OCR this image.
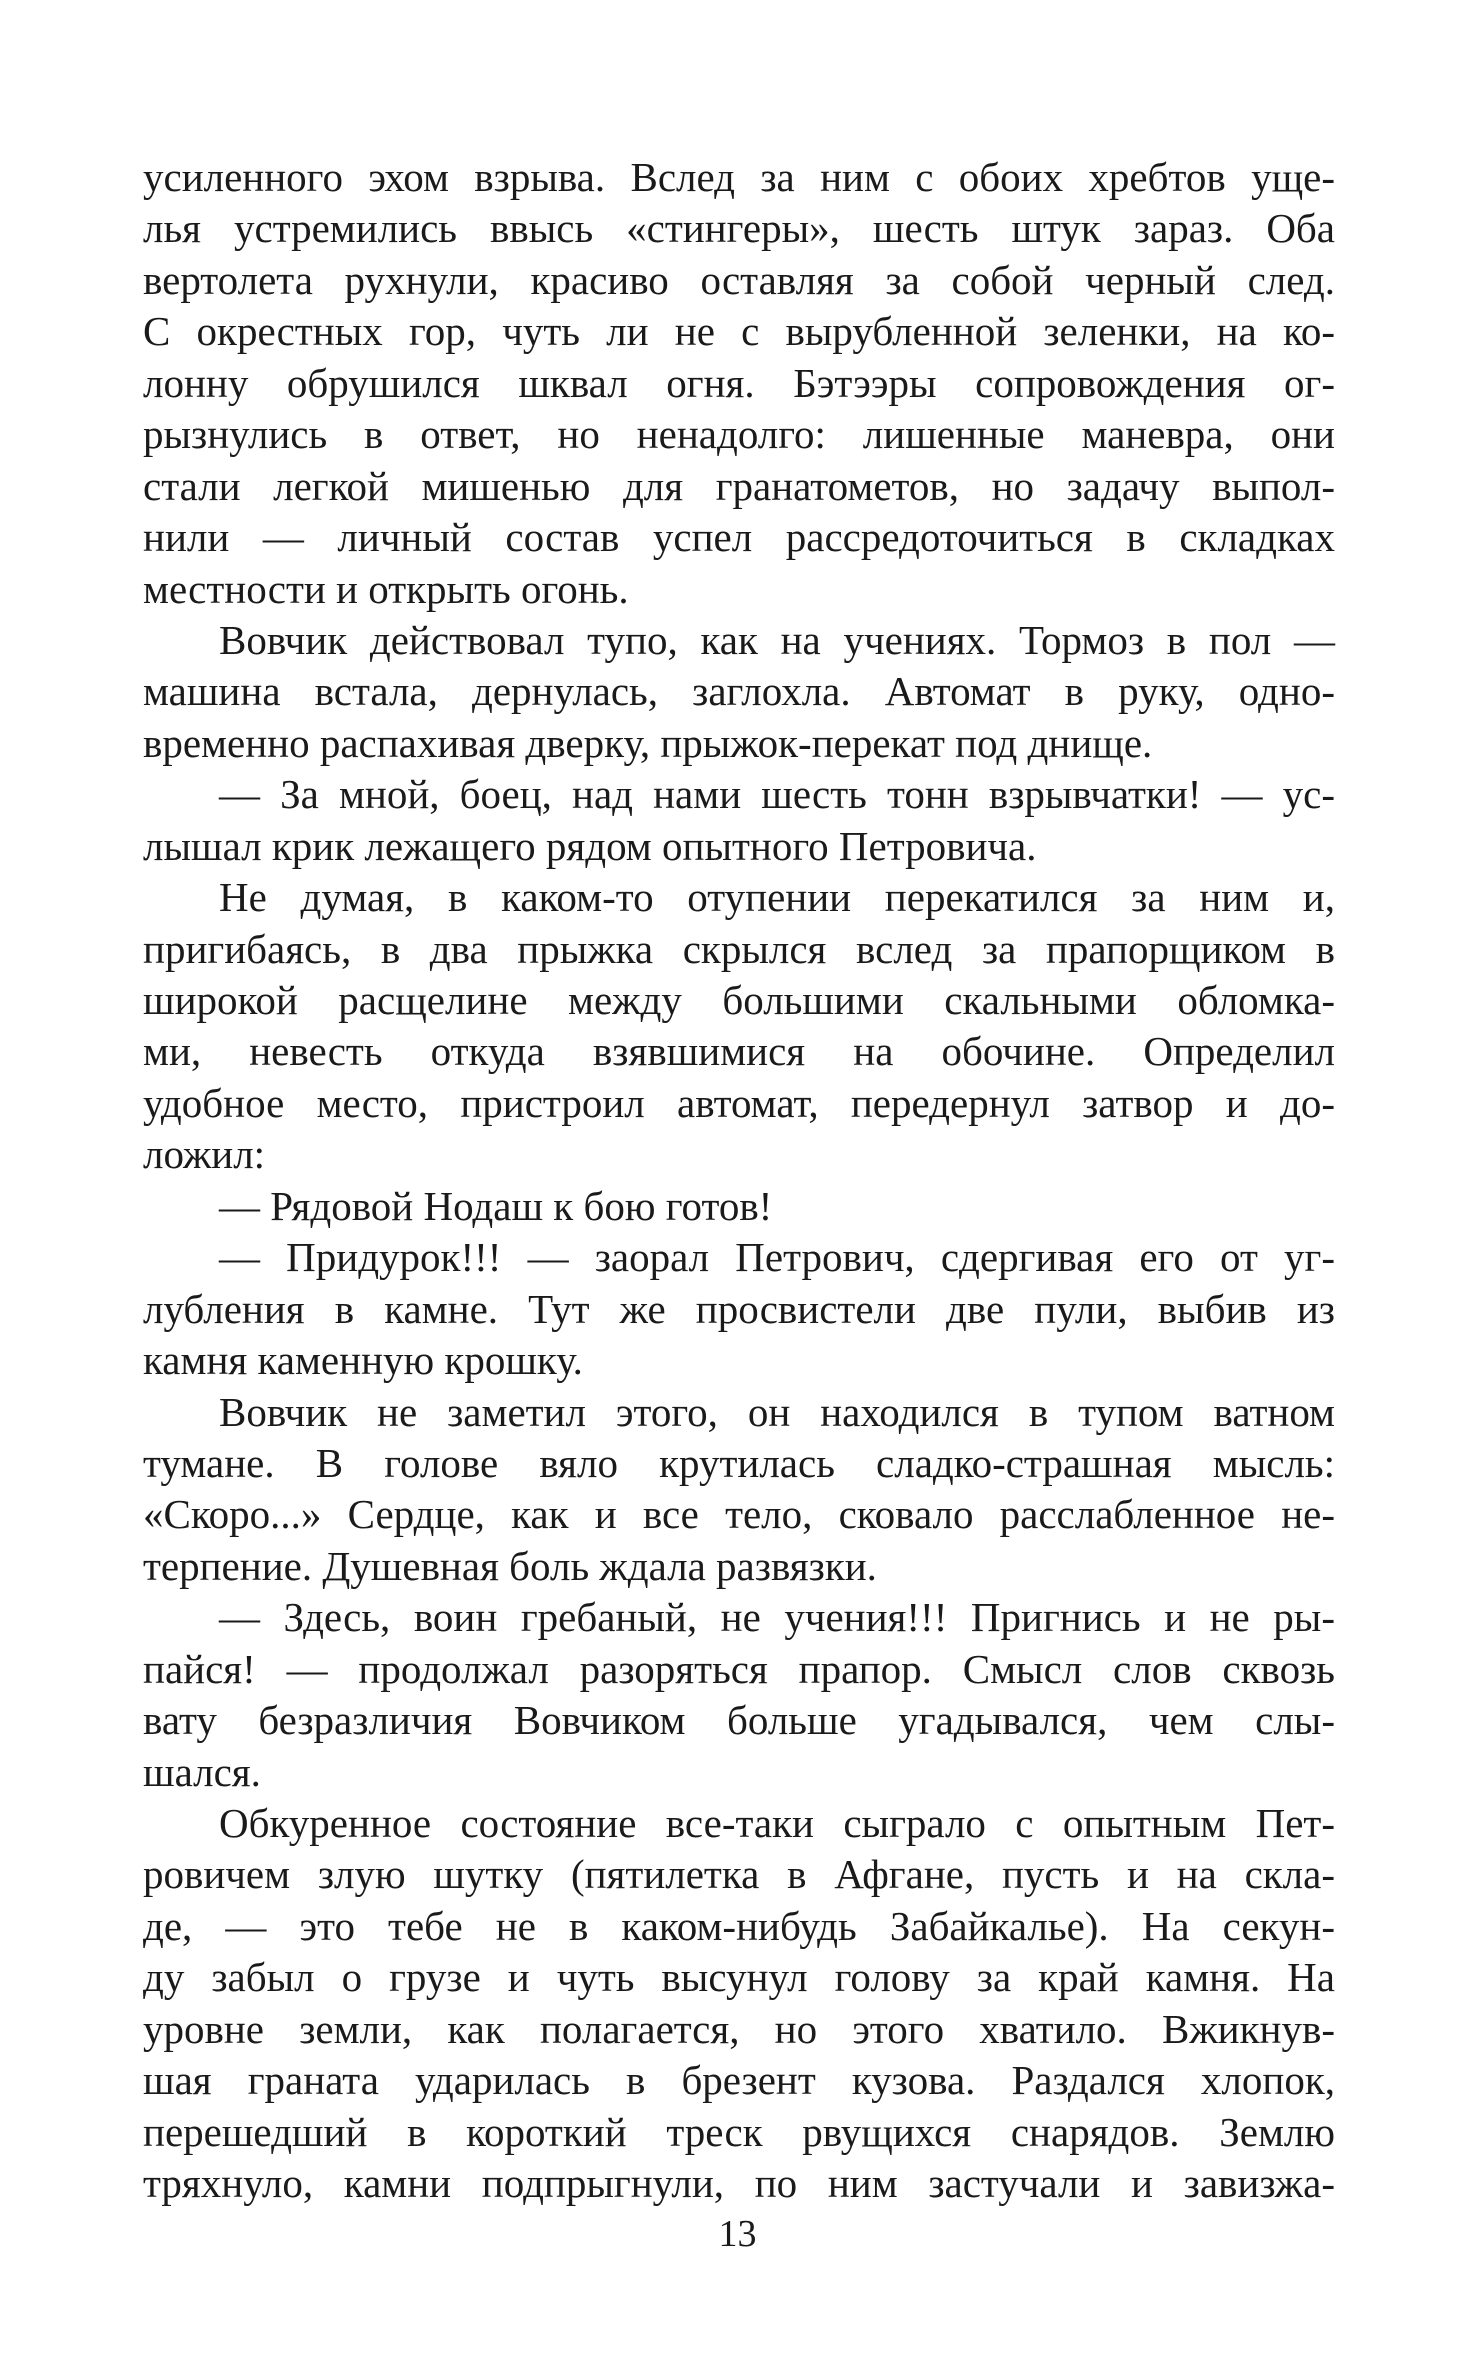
усиленного эхом взрыва. Вслед за ним с обоих хребтов уще-
лья устремились ввысь «стингеры», шесть штук зараз. Оба
вертолета рухнули, красиво оставляя за собой черный след.
С окрестных гор, чуть ли не с вырубленной зеленки, на ко-
лонну обрушился шквал огня. Бэтээры сопровождения ог-
рызнулись в ответ, но ненадолго: лишенные маневра, они
стали легкой мишенью для гранатометов, но задачу выпол-
нили — личный состав успел рассредоточиться в складках
местности и открыть огонь.
Вовчик действовал тупо, как на учениях. Тормоз в пол —
машина встала, дернулась, заглохла. Автомат в руку, одно-
временно распахивая дверку, прыжок-перекат под днище.
— За мной, боец, над нами шесть тонн взрывчатки! — ус-
лышал крик лежащего рядом опытного Петровича.
Не думая, в каком-то отупении перекатился за ним и,
пригибаясь, в два прыжка скрылся вслед за прапорщиком в
широкой расщелине между большими скальными обломка-
ми, невесть откуда взявшимися на обочине. Определил
удобное место, пристроил автомат, передернул затвор и до-
ложил:
— Рядовой Нодаш к бою готов!
— Придурок!!! — заорал Петрович, сдергивая его от уг-
лубления в камне. Тут же просвистели две пули, выбив из
камня каменную крошку.
Вовчик не заметил этого, он находился в тупом ватном
тумане. В голове вяло крутилась сладко-страшная мысль:
«Скоро...» Сердце, как и все тело, сковало расслабленное не-
терпение. Душевная боль ждала развязки.
— Здесь, воин гребаный, не учения!!! Пригнись и не ры-
пайся! — продолжал разоряться прапор. Смысл слов сквозь
вату безразличия Вовчиком больше угадывался, чем слы-
шался.
Обкуренное состояние все-таки сыграло с опытным Пет-
ровичем злую шутку (пятилетка в Афгане, пусть и на скла-
де, — это тебе не в каком-нибудь Забайкалье). На секун-
ду забыл о грузе и чуть высунул голову за край камня. На
уровне земли, как полагается, но этого хватило. Вжикнув-
шая граната ударилась в брезент кузова. Раздался хлопок,
перешедший в короткий треск рвущихся снарядов. Землю
тряхнуло, камни подпрыгнули, по ним застучали и завизжа-
13
